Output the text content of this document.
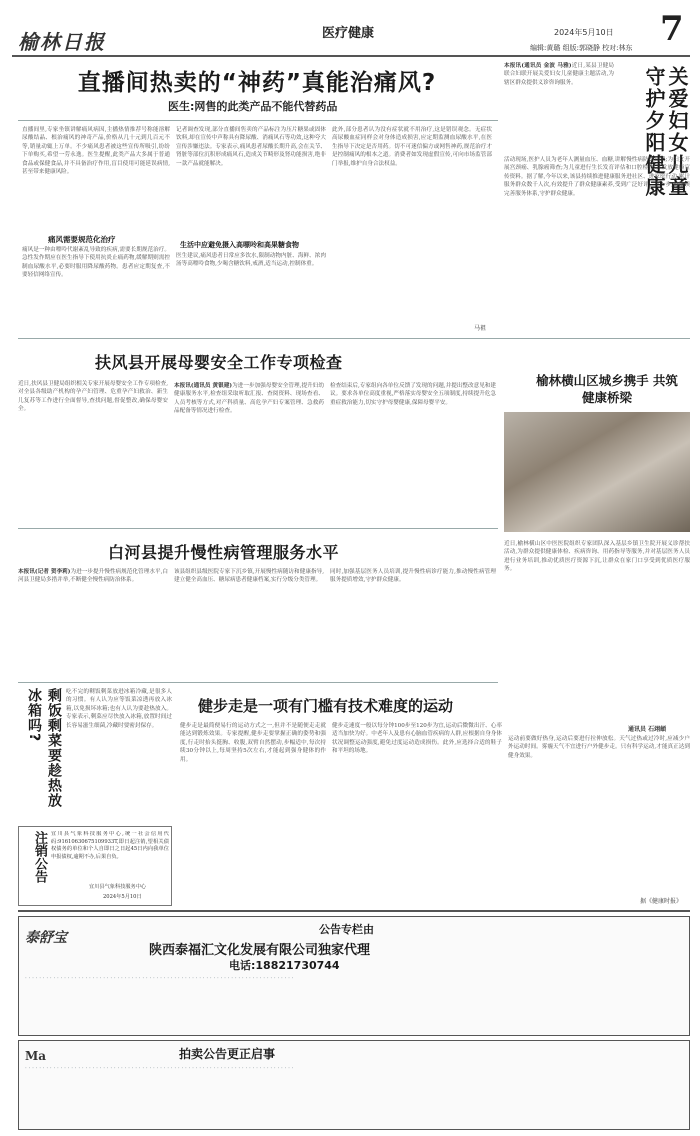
榆林日报	医疗健康	2024年5月10日 7
编辑:黄璐 组版:郭晓静 校对:林东
直播间热卖的“神药”真能治痛风?
医生:网售的此类产品不能代替药品
直播间里,专家坐镇讲解痛风病因,主播热情推荐号称能溶解尿酸结晶、根治痛风的神奇产品,价格从几十元到几百元不等,销量动辄上万单。不少痛风患者被这些宣传所吸引,纷纷下单购买,希望一劳永逸。医生提醒,此类产品大多属于普通食品或保健食品,并不具备治疗作用,盲目使用可能延误病情,甚至带来健康风险。
痛风需要规范化治疗
痛风是一种由嘌呤代谢紊乱导致的疾病,需要长期规范治疗。急性发作期应在医生指导下使用抗炎止痛药物,缓解期则需控制血尿酸水平,必要时服用降尿酸药物。患者应定期复查,不要轻信网络宣传。
记者调查发现,部分直播间售卖的产品标注为压片糖果或固体饮料,却在宣传中声称具有降尿酸、消痛风石等功效,这种夸大宣传涉嫌违法。专家表示,痛风患者尿酸长期升高,会在关节、肾脏等部位沉积形成痛风石,造成关节畸形及肾功能损害,绝非一款产品就能解决。
生活中应避免摄入高嘌呤和高果糖食物
医生建议,痛风患者日常应多饮水,限制动物内脏、海鲜、浓肉汤等高嘌呤食物,少喝含糖饮料,戒酒,适当运动,控制体重。
此外,部分患者认为没有症状就不用治疗,这是错误观念。无症状高尿酸血症同样会对身体造成损害,应定期监测血尿酸水平,在医生指导下决定是否用药。切不可迷信偏方或网售神药,规范治疗才是控制痛风的根本之道。消费者如发现虚假宣传,可向市场监管部门举报,维护自身合法权益。
马祖
本报讯(通讯员 金波 马雅)近日,某县卫健局联合妇联开展关爱妇女儿童健康主题活动,为辖区群众提供义诊咨询服务。	关爱妇女儿童 守护夕阳健康
活动现场,医护人员为老年人测量血压、血糖,讲解慢性病防治知识;为妇女开展宫颈癌、乳腺癌筛查;为儿童进行生长发育评估和口腔检查,并发放健康宣传资料。据了解,今年以来,该县持续推进健康服务进社区、进家庭行动,累计服务群众数千人次,有效提升了群众健康素养,受到广泛好评。下一步,将继续完善服务体系,守护群众健康。
扶风县开展母婴安全工作专项检查
近日,扶风县卫健局组织相关专家开展母婴安全工作专项检查,对全县各级助产机构的孕产妇管理、危重孕产妇救治、新生儿复苏等工作进行全面督导,查找问题,督促整改,确保母婴安全。
本报讯(通讯员 黄银建)为进一步加强母婴安全管理,提升妇幼健康服务水平,检查组采取听取汇报、查阅资料、现场查看、人员考核等方式,对产科质量、高危孕产妇专案管理、急救药品配备等情况进行检查。
检查结束后,专家组向各单位反馈了发现的问题,并提出整改意见和建议。要求各单位高度重视,严格落实母婴安全五项制度,持续提升危急重症救治能力,切实守护母婴健康,保障母婴平安。
榆林横山区城乡携手 共筑健康桥梁
近日,榆林横山区中医医院组织专家团队深入基层乡镇卫生院开展义诊帮扶活动,为群众提供健康体检、疾病咨询、用药指导等服务,并对基层医务人员进行业务培训,推动优质医疗资源下沉,让群众在家门口享受到优质医疗服务。
通讯员 石翊頔
白河县提升慢性病管理服务水平
本报讯(记者 贺李莉)为进一步提升慢性病规范化管理水平,白河县卫健局多措并举,不断健全慢性病防治体系。
该县组织县级医院专家下沉乡镇,开展慢性病随访和健康指导,建立健全高血压、糖尿病患者健康档案,实行分级分类管理。
同时,加强基层医务人员培训,提升慢性病诊疗能力,推动慢性病管理服务提质增效,守护群众健康。
剩饭剩菜要趁热放冰箱吗?	吃不完的剩饭剩菜放进冰箱冷藏,是很多人的习惯。有人认为应等饭菜凉透再放入冰箱,以免损坏冰箱;也有人认为要趁热放入。专家表示,剩菜应尽快放入冰箱,放置时间过长容易滋生细菌,冷藏时要密封保存。
注销公告 宜川县气象科技服务中心,统一社会信用代码:91610630675109933T,即日起注销,望相关债权债务的单位和个人自即日之日起45日内向我单位申报债权,逾期不办,后果自负。
宜川县气象科技服务中心
2024年5月10日
健步走是一项有门槛有技术难度的运动
健步走是最简便易行的运动方式之一,但并不是随便走走就能达到锻炼效果。专家提醒,健步走要掌握正确的姿势和强度,行走时抬头挺胸、收腹,双臂自然摆动,步幅适中,每次持续30分钟以上,每周坚持5次左右,才能起到强身健体的作用。
健步走速度一般以每分钟100步至120步为宜,运动后微微出汗、心率适当加快为好。中老年人及患有心脑血管疾病的人群,应根据自身身体状况调整运动强度,避免过度运动造成损伤。此外,应选择合适的鞋子和平坦的场地。
运动前要做好热身,运动后要进行拉伸放松。天气过热或过冷时,应减少户外运动时间。雾霾天气不宜进行户外健步走。只有科学运动,才能真正达到健身效果。
据《健康时报》
泰舒宝
公告专栏由
陕西泰福汇文化发展有限公司独家代理
电话:18821730744
· · · · · · · · · · · · · · · · · · · · · · · · · · · · · · · · · · · · · · · · · · · · · · · · · · · · · · · · · · · · · · · · · · · · · · · · · · · ·
Ma	拍卖公告更正启事
· · · · · · · · · · · · · · · · · · · · · · · · · · · · · · · · · · · · · · · · · · · · · · · · · · · · · · · · · · · · · · · · · · · · · · · · · · · ·
